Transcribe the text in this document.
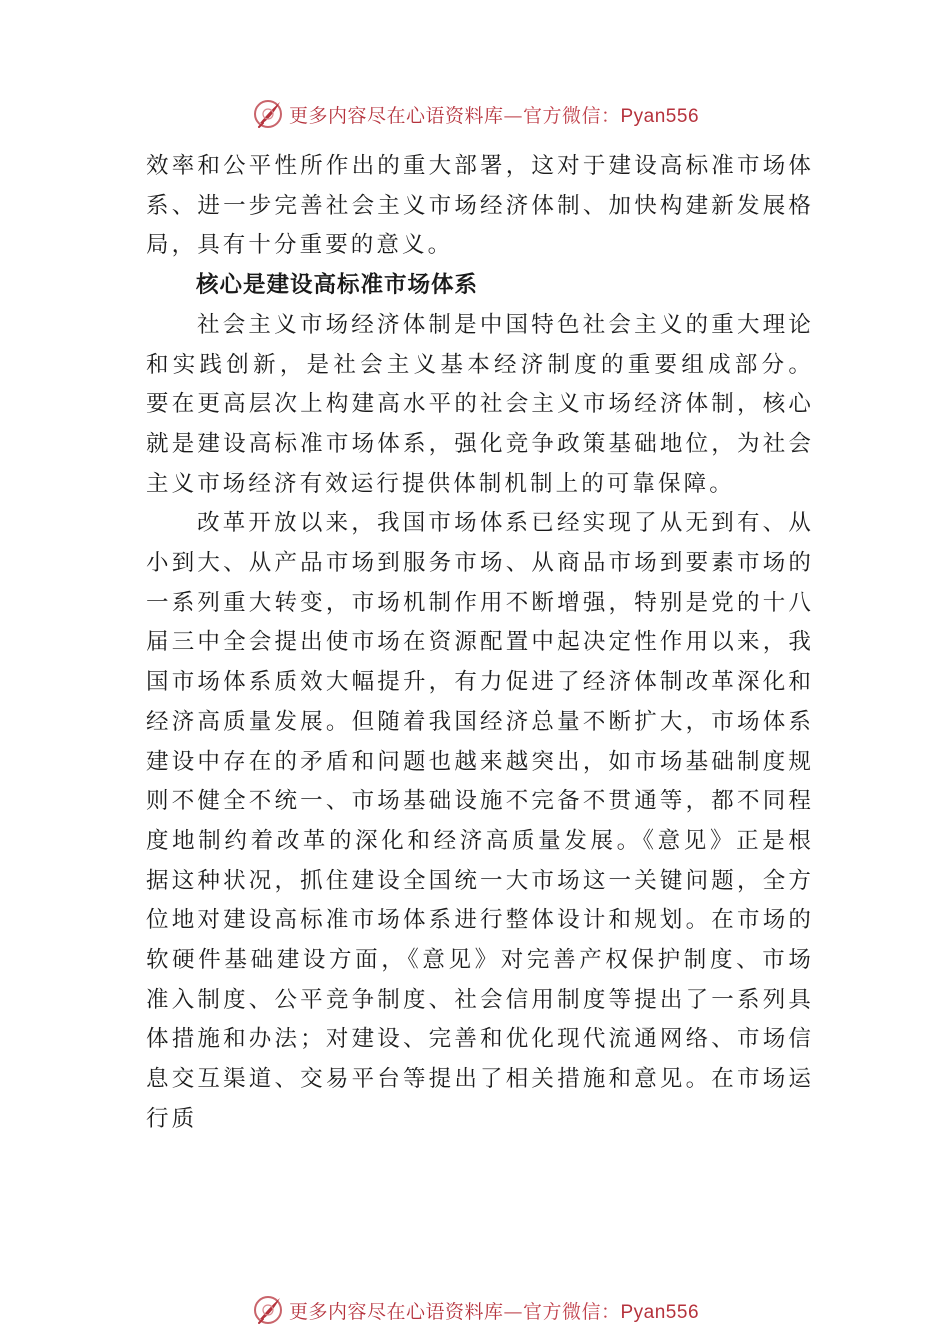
更多内容尽在心语资料库—官方微信：Pyan556

效率和公平性所作出的重大部署，这对于建设高标准市场体系、进一步完善社会主义市场经济体制、加快构建新发展格局，具有十分重要的意义。

核心是建设高标准市场体系

社会主义市场经济体制是中国特色社会主义的重大理论和实践创新，是社会主义基本经济制度的重要组成部分。 要在更高层次上构建高水平的社会主义市场经济体制，核心就是建设高标准市场体系，强化竞争政策基础地位，为社会主义市场经济有效运行提供体制机制上的可靠保障。

改革开放以来，我国市场体系已经实现了从无到有、从小到大、从产品市场到服务市场、从商品市场到要素市场的一系列重大转变，市场机制作用不断增强，特别是党的十八届三中全会提出使市场在资源配置中起决定性作用以来，我国市场体系质效大幅提升，有力促进了经济体制改革深化和经济高质量发展。但随着我国经济总量不断扩大，市场体系建设中存在的矛盾和问题也越来越突出，如市场基础制度规则不健全不统一、市场基础设施不完备不贯通等，都不同程度地制约着改革的深化和经济高质量发展。《意见》正是根据这种状况，抓住建设全国统一大市场这一关键问题，全方位地对建设高标准市场体系进行整体设计和规划。在市场的软硬件基础建设方面，《意见》对完善产权保护制度、市场准入制度、公平竞争制度、社会信用制度等提出了一系列具体措施和办法；对建设、完善和优化现代流通网络、市场信息交互渠道、交易平台等提出了相关措施和意见。在市场运行质

更多内容尽在心语资料库—官方微信：Pyan556
